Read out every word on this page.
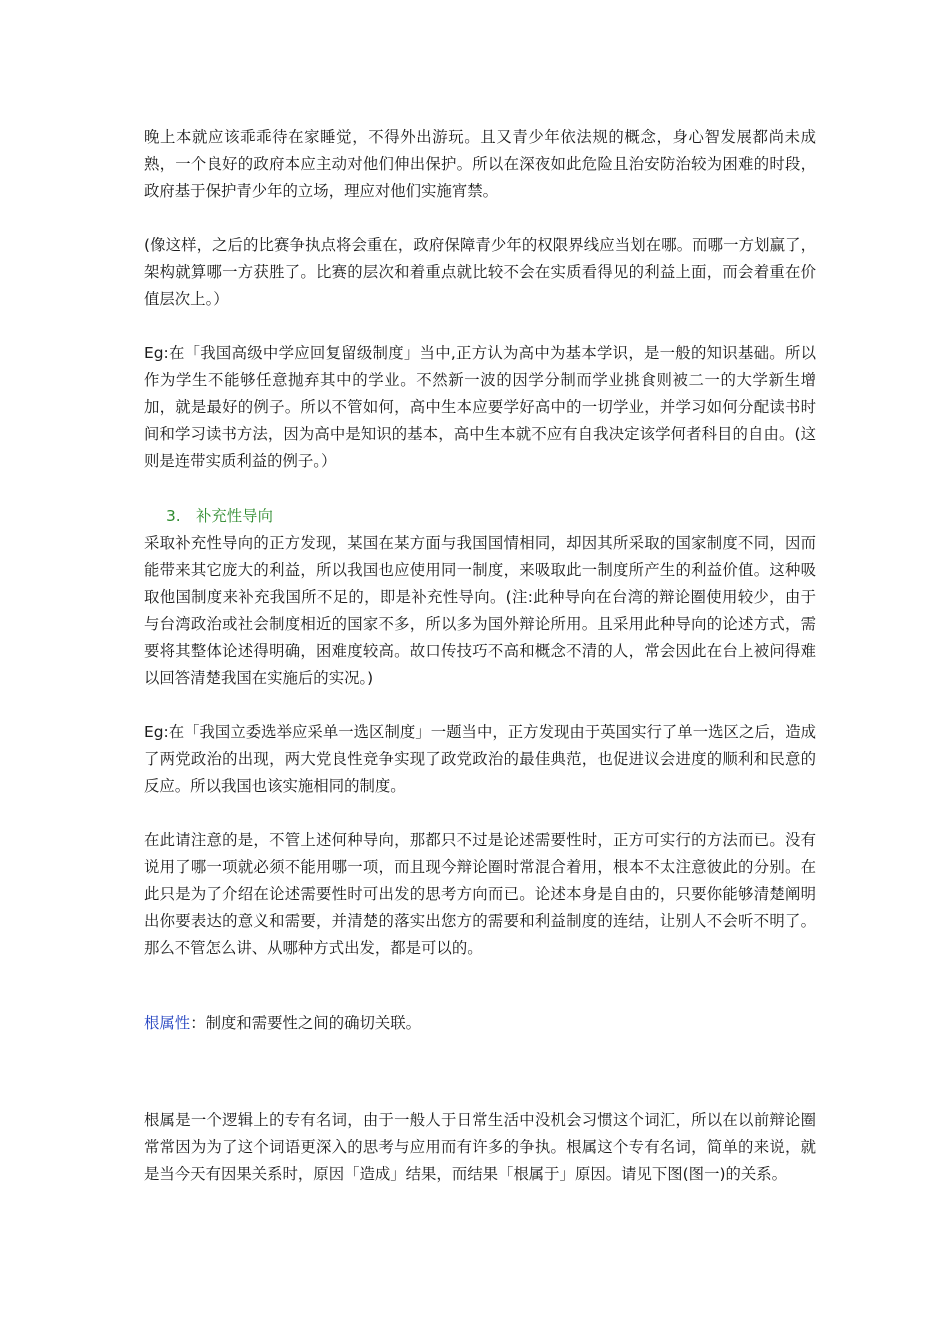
晚上本就应该乖乖待在家睡觉，不得外出游玩。且又青少年依法规的概念，身心智发展都尚未成熟，一个良好的政府本应主动对他们伸出保护。所以在深夜如此危险且治安防治较为困难的时段，政府基于保护青少年的立场，理应对他们实施宵禁。

(像这样，之后的比赛争执点将会重在，政府保障青少年的权限界线应当划在哪。而哪一方划赢了，架构就算哪一方获胜了。比赛的层次和着重点就比较不会在实质看得见的利益上面，而会着重在价值层次上。）

Eg:在「我国高级中学应回复留级制度」当中,正方认为高中为基本学识，是一般的知识基础。所以作为学生不能够任意抛弃其中的学业。不然新一波的因学分制而学业挑食则被二一的大学新生增加，就是最好的例子。所以不管如何，高中生本应要学好高中的一切学业，并学习如何分配读书时间和学习读书方法，因为高中是知识的基本，高中生本就不应有自我决定该学何者科目的自由。(这则是连带实质利益的例子。）

3. 补充性导向

采取补充性导向的正方发现，某国在某方面与我国国情相同，却因其所采取的国家制度不同，因而能带来其它庞大的利益，所以我国也应使用同一制度，来吸取此一制度所产生的利益价值。这种吸取他国制度来补充我国所不足的，即是补充性导向。(注:此种导向在台湾的辩论圈使用较少，由于与台湾政治或社会制度相近的国家不多，所以多为国外辩论所用。且采用此种导向的论述方式，需要将其整体论述得明确，困难度较高。故口传技巧不高和概念不清的人，常会因此在台上被问得难以回答清楚我国在实施后的实况。)

Eg:在「我国立委选举应采单一选区制度」一题当中，正方发现由于英国实行了单一选区之后，造成了两党政治的出现，两大党良性竞争实现了政党政治的最佳典范，也促进议会进度的顺利和民意的反应。所以我国也该实施相同的制度。

在此请注意的是，不管上述何种导向，那都只不过是论述需要性时，正方可实行的方法而已。没有说用了哪一项就必须不能用哪一项，而且现今辩论圈时常混合着用，根本不太注意彼此的分别。在此只是为了介绍在论述需要性时可出发的思考方向而已。论述本身是自由的，只要你能够清楚阐明出你要表达的意义和需要，并清楚的落实出您方的需要和利益制度的连结，让别人不会听不明了。那么不管怎么讲、从哪种方式出发，都是可以的。

根属性：制度和需要性之间的确切关联。

根属是一个逻辑上的专有名词，由于一般人于日常生活中没机会习惯这个词汇，所以在以前辩论圈常常因为为了这个词语更深入的思考与应用而有许多的争执。根属这个专有名词，简单的来说，就是当今天有因果关系时，原因「造成」结果，而结果「根属于」原因。请见下图(图一)的关系。
